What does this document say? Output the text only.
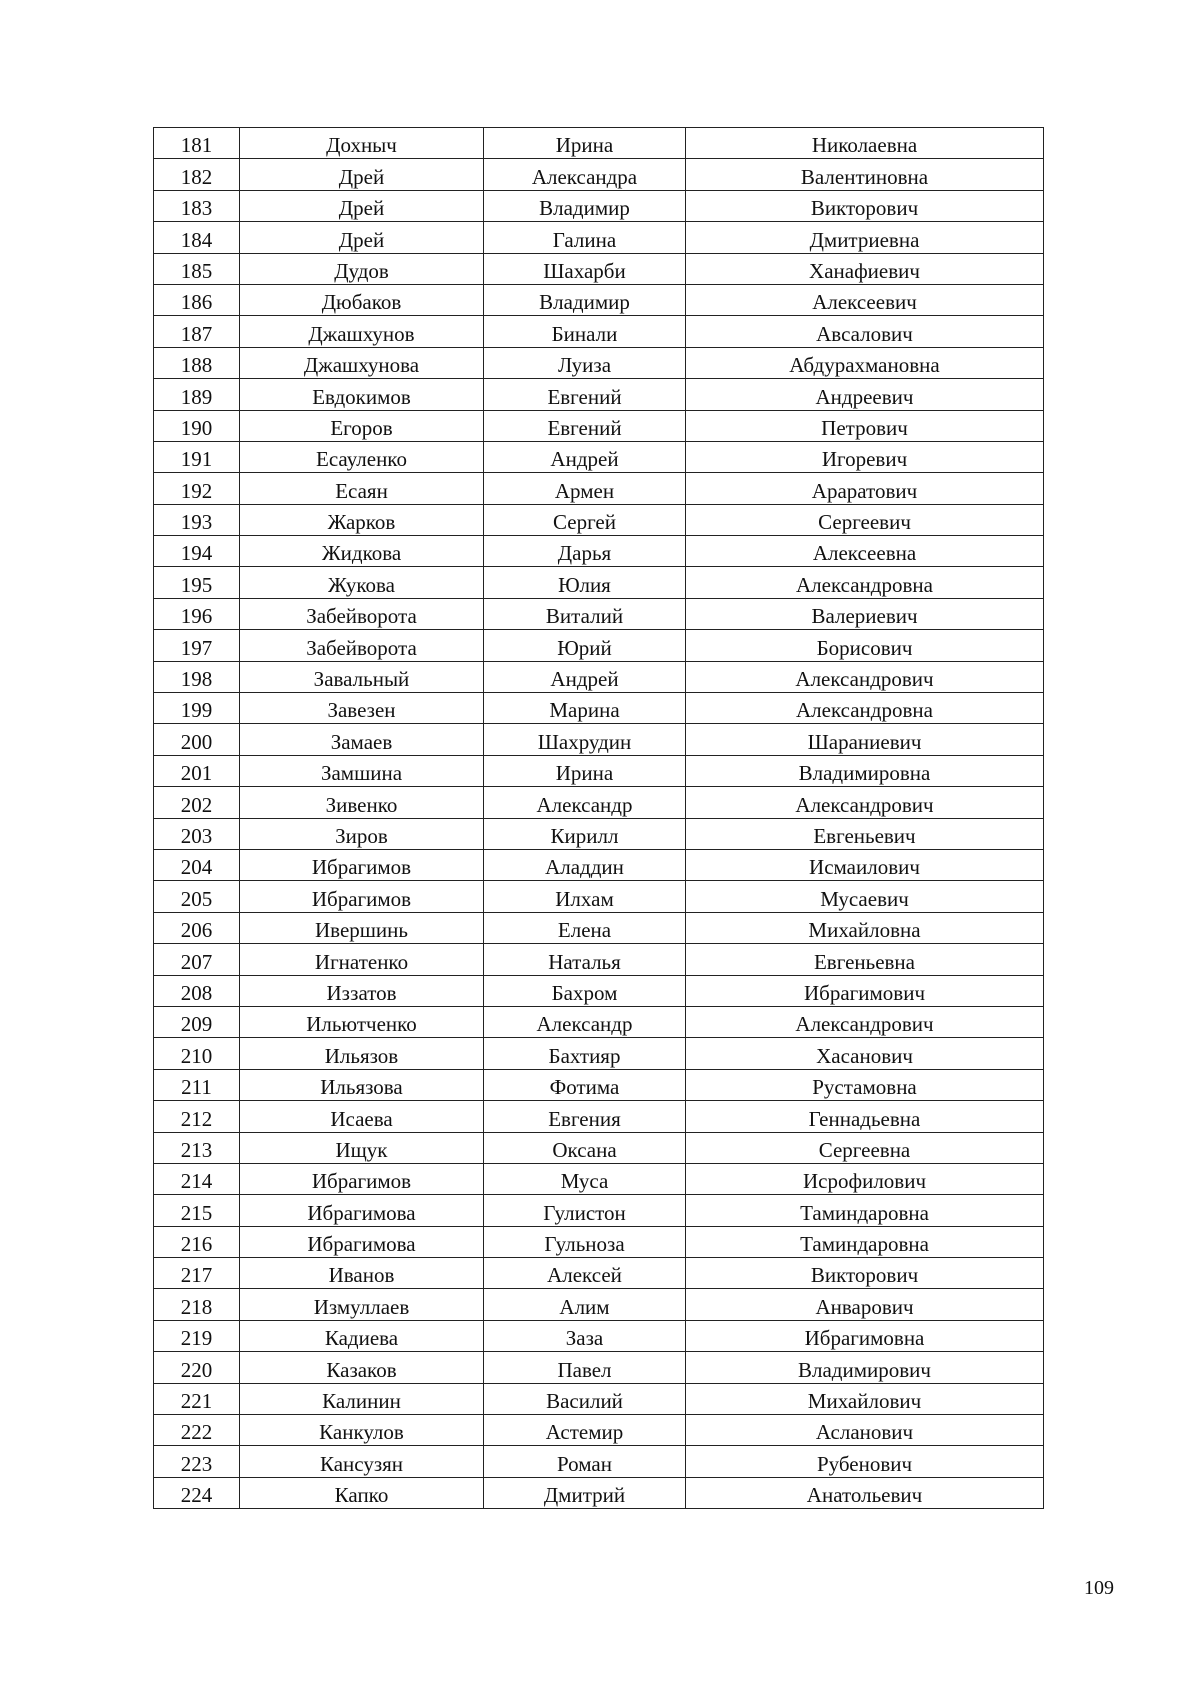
181	Дохныч	Ирина	Николаевна
182	Дрей	Александра	Валентиновна
183	Дрей	Владимир	Викторович
184	Дрей	Галина	Дмитриевна
185	Дудов	Шахарби	Ханафиевич
186	Дюбаков	Владимир	Алексеевич
187	Джашхунов	Бинали	Авсалович
188	Джашхунова	Луиза	Абдурахмановна
189	Евдокимов	Евгений	Андреевич
190	Егоров	Евгений	Петрович
191	Есауленко	Андрей	Игоревич
192	Есаян	Армен	Араратович
193	Жарков	Сергей	Сергеевич
194	Жидкова	Дарья	Алексеевна
195	Жукова	Юлия	Александровна
196	Забейворота	Виталий	Валериевич
197	Забейворота	Юрий	Борисович
198	Завальный	Андрей	Александрович
199	Завезен	Марина	Александровна
200	Замаев	Шахрудин	Шараниевич
201	Замшина	Ирина	Владимировна
202	Зивенко	Александр	Александрович
203	Зиров	Кирилл	Евгеньевич
204	Ибрагимов	Аладдин	Исмаилович
205	Ибрагимов	Илхам	Мусаевич
206	Ивершинь	Елена	Михайловна
207	Игнатенко	Наталья	Евгеньевна
208	Иззатов	Бахром	Ибрагимович
209	Ильютченко	Александр	Александрович
210	Ильязов	Бахтияр	Хасанович
211	Ильязова	Фотима	Рустамовна
212	Исаева	Евгения	Геннадьевна
213	Ищук	Оксана	Сергеевна
214	Ибрагимов	Муса	Исрофилович
215	Ибрагимова	Гулистон	Таминдаровна
216	Ибрагимова	Гульноза	Таминдаровна
217	Иванов	Алексей	Викторович
218	Измуллаев	Алим	Анварович
219	Кадиева	Заза	Ибрагимовна
220	Казаков	Павел	Владимирович
221	Калинин	Василий	Михайлович
222	Канкулов	Астемир	Асланович
223	Кансузян	Роман	Рубенович
224	Капко	Дмитрий	Анатольевич
109
